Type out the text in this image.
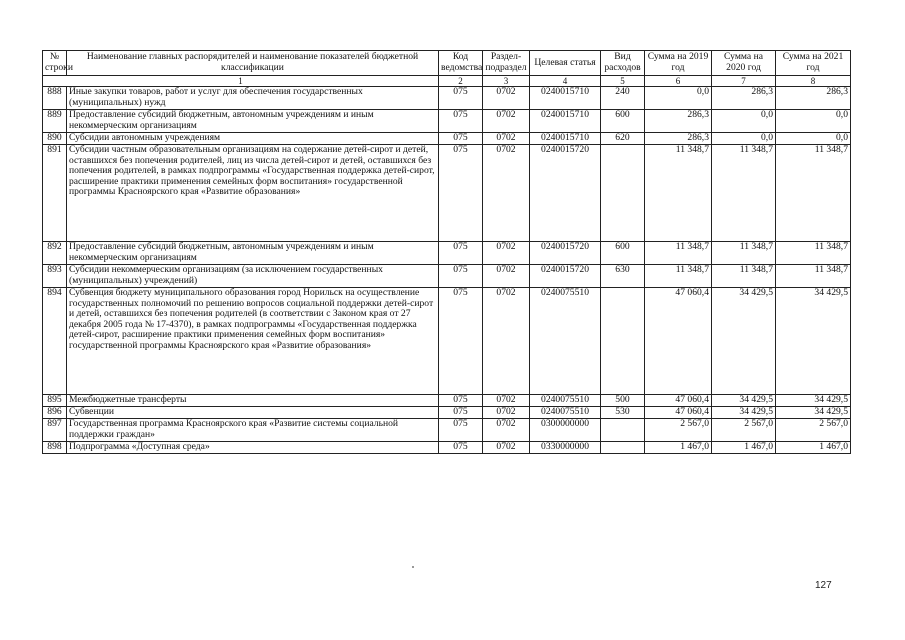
№ строки	Наименование главных распорядителей и наименование показателей бюджетной классификации	Код ведомства	Раздел-подраздел	Целевая статья	Вид расходов	Сумма на 2019 год	Сумма на 2020 год	Сумма на 2021 год
1		2	3	4	5	6	7	8
888	Иные закупки товаров, работ и услуг для обеспечения государственных (муниципальных) нужд	075	0702	0240015710	240	0,0	286,3	286,3
889	Предоставление субсидий бюджетным, автономным учреждениям и иным некоммерческим организациям	075	0702	0240015710	600	286,3	0,0	0,0
890	Субсидии автономным учреждениям	075	0702	0240015710	620	286,3	0,0	0,0
891	Субсидии частным образовательным организациям на содержание детей-сирот и детей, оставшихся без попечения родителей, лиц из числа детей-сирот и детей, оставшихся без попечения родителей, в рамках подпрограммы «Государственная поддержка детей-сирот, расширение практики применения семейных форм воспитания» государственной программы Красноярского края «Развитие образования»	075	0702	0240015720		11 348,7	11 348,7	11 348,7
892	Предоставление субсидий бюджетным, автономным учреждениям и иным некоммерческим организациям	075	0702	0240015720	600	11 348,7	11 348,7	11 348,7
893	Субсидии некоммерческим организациям (за исключением государственных (муниципальных) учреждений)	075	0702	0240015720	630	11 348,7	11 348,7	11 348,7
894	Субвенция бюджету муниципального образования город Норильск на осуществление государственных полномочий по решению вопросов социальной поддержки детей-сирот и детей, оставшихся без попечения родителей (в соответствии с Законом края от 27 декабря 2005 года № 17-4370), в рамках подпрограммы «Государственная поддержка детей-сирот, расширение практики применения семейных форм воспитания» государственной программы Красноярского края «Развитие образования»	075	0702	0240075510		47 060,4	34 429,5	34 429,5
895	Межбюджетные трансферты	075	0702	0240075510	500	47 060,4	34 429,5	34 429,5
896	Субвенции	075	0702	0240075510	530	47 060,4	34 429,5	34 429,5
897	Государственная программа Красноярского края «Развитие системы социальной поддержки граждан»	075	0702	0300000000		2 567,0	2 567,0	2 567,0
898	Подпрограмма «Доступная среда»	075	0702	0330000000		1 467,0	1 467,0	1 467,0
127
